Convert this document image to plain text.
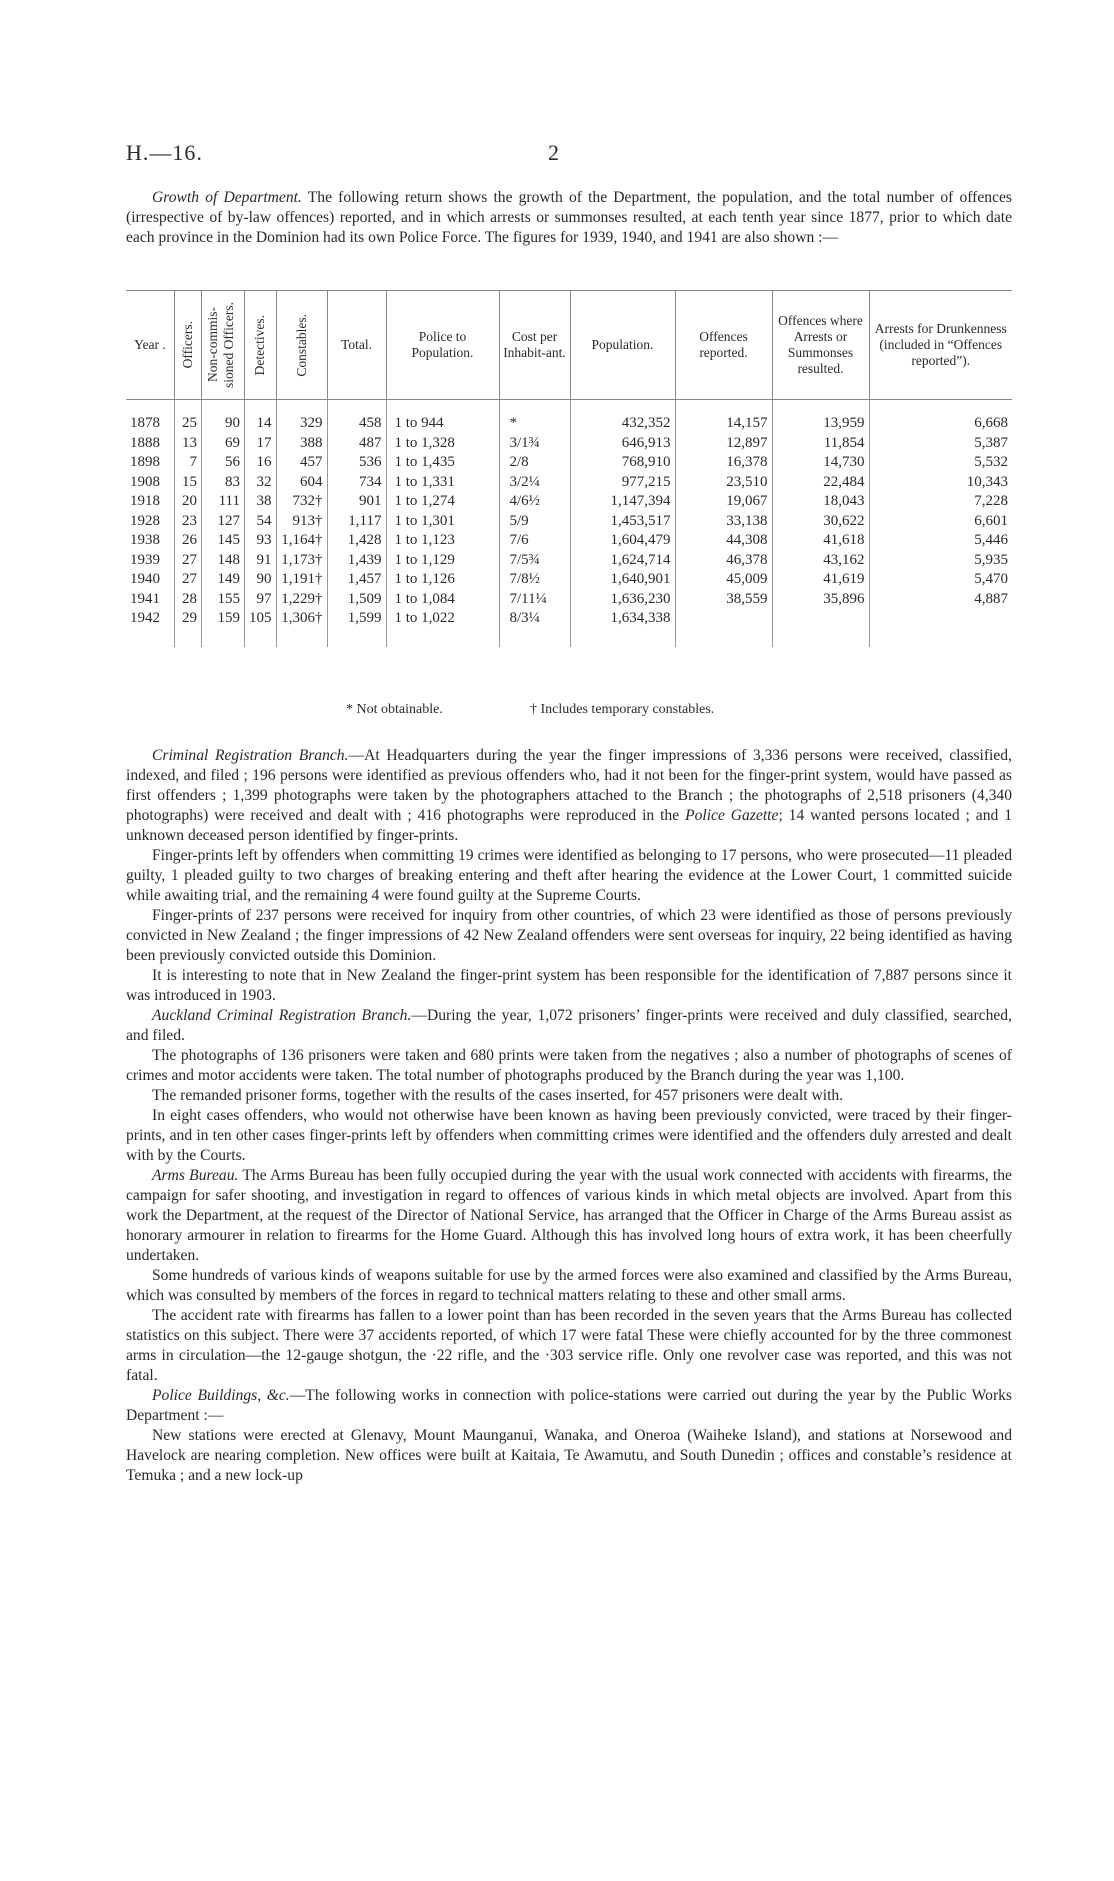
H.—16.	2

Growth of Department. The following return shows the growth of the Department, the population, and the total number of offences (irrespective of by-law offences) reported, and in which arrests or summonses resulted, at each tenth year since 1877, prior to which date each province in the Dominion had its own Police Force. The figures for 1939, 1940, and 1941 are also shown :—

Year .	Officers.	Non-commis-sioned Officers.	Detectives.	Constables.	Total.	Police to Population.	Cost per Inhabit-ant.	Population.	Offences reported.	Offences where Arrests or Summonses resulted.	Arrests for Drunkenness (included in “Offences reported”).
1878	25	90	14	329	458	1 to 944	*	432,352	14,157	13,959	6,668
1888	13	69	17	388	487	1 to 1,328	3/1¾	646,913	12,897	11,854	5,387
1898	7	56	16	457	536	1 to 1,435	2/8	768,910	16,378	14,730	5,532
1908	15	83	32	604	734	1 to 1,331	3/2¼	977,215	23,510	22,484	10,343
1918	20	111	38	732†	901	1 to 1,274	4/6½	1,147,394	19,067	18,043	7,228
1928	23	127	54	913†	1,117	1 to 1,301	5/9	1,453,517	33,138	30,622	6,601
1938	26	145	93	1,164†	1,428	1 to 1,123	7/6	1,604,479	44,308	41,618	5,446
1939	27	148	91	1,173†	1,439	1 to 1,129	7/5¾	1,624,714	46,378	43,162	5,935
1940	27	149	90	1,191†	1,457	1 to 1,126	7/8½	1,640,901	45,009	41,619	5,470
1941	28	155	97	1,229†	1,509	1 to 1,084	7/11¼	1,636,230	38,559	35,896	4,887
1942	29	159	105	1,306†	1,599	1 to 1,022	8/3¼	1,634,338			
* Not obtainable.	† Includes temporary constables.

Criminal Registration Branch.—At Headquarters during the year the finger impressions of 3,336 persons were received, classified, indexed, and filed ; 196 persons were identified as previous offenders who, had it not been for the finger-print system, would have passed as first offenders ; 1,399 photographs were taken by the photographers attached to the Branch ; the photographs of 2,518 prisoners (4,340 photographs) were received and dealt with ; 416 photographs were reproduced in the Police Gazette; 14 wanted persons located ; and 1 unknown deceased person identified by finger-prints.

Finger-prints left by offenders when committing 19 crimes were identified as belonging to 17 persons, who were prosecuted—11 pleaded guilty, 1 pleaded guilty to two charges of breaking entering and theft after hearing the evidence at the Lower Court, 1 committed suicide while awaiting trial, and the remaining 4 were found guilty at the Supreme Courts.

Finger-prints of 237 persons were received for inquiry from other countries, of which 23 were identified as those of persons previously convicted in New Zealand ; the finger impressions of 42 New Zealand offenders were sent overseas for inquiry, 22 being identified as having been previously convicted outside this Dominion.

It is interesting to note that in New Zealand the finger-print system has been responsible for the identification of 7,887 persons since it was introduced in 1903.

Auckland Criminal Registration Branch.—During the year, 1,072 prisoners’ finger-prints were received and duly classified, searched, and filed.

The photographs of 136 prisoners were taken and 680 prints were taken from the negatives ; also a number of photographs of scenes of crimes and motor accidents were taken. The total number of photographs produced by the Branch during the year was 1,100.

The remanded prisoner forms, together with the results of the cases inserted, for 457 prisoners were dealt with.

In eight cases offenders, who would not otherwise have been known as having been previously convicted, were traced by their finger-prints, and in ten other cases finger-prints left by offenders when committing crimes were identified and the offenders duly arrested and dealt with by the Courts.

Arms Bureau. The Arms Bureau has been fully occupied during the year with the usual work connected with accidents with firearms, the campaign for safer shooting, and investigation in regard to offences of various kinds in which metal objects are involved. Apart from this work the Department, at the request of the Director of National Service, has arranged that the Officer in Charge of the Arms Bureau assist as honorary armourer in relation to firearms for the Home Guard. Although this has involved long hours of extra work, it has been cheerfully undertaken.

Some hundreds of various kinds of weapons suitable for use by the armed forces were also examined and classified by the Arms Bureau, which was consulted by members of the forces in regard to technical matters relating to these and other small arms.

The accident rate with firearms has fallen to a lower point than has been recorded in the seven years that the Arms Bureau has collected statistics on this subject. There were 37 accidents reported, of which 17 were fatal These were chiefly accounted for by the three commonest arms in circulation—the 12-gauge shotgun, the ·22 rifle, and the ·303 service rifle. Only one revolver case was reported, and this was not fatal.

Police Buildings, &c.—The following works in connection with police-stations were carried out during the year by the Public Works Department :—

New stations were erected at Glenavy, Mount Maunganui, Wanaka, and Oneroa (Waiheke Island), and stations at Norsewood and Havelock are nearing completion. New offices were built at Kaitaia, Te Awamutu, and South Dunedin ; offices and constable’s residence at Temuka ; and a new lock-up
